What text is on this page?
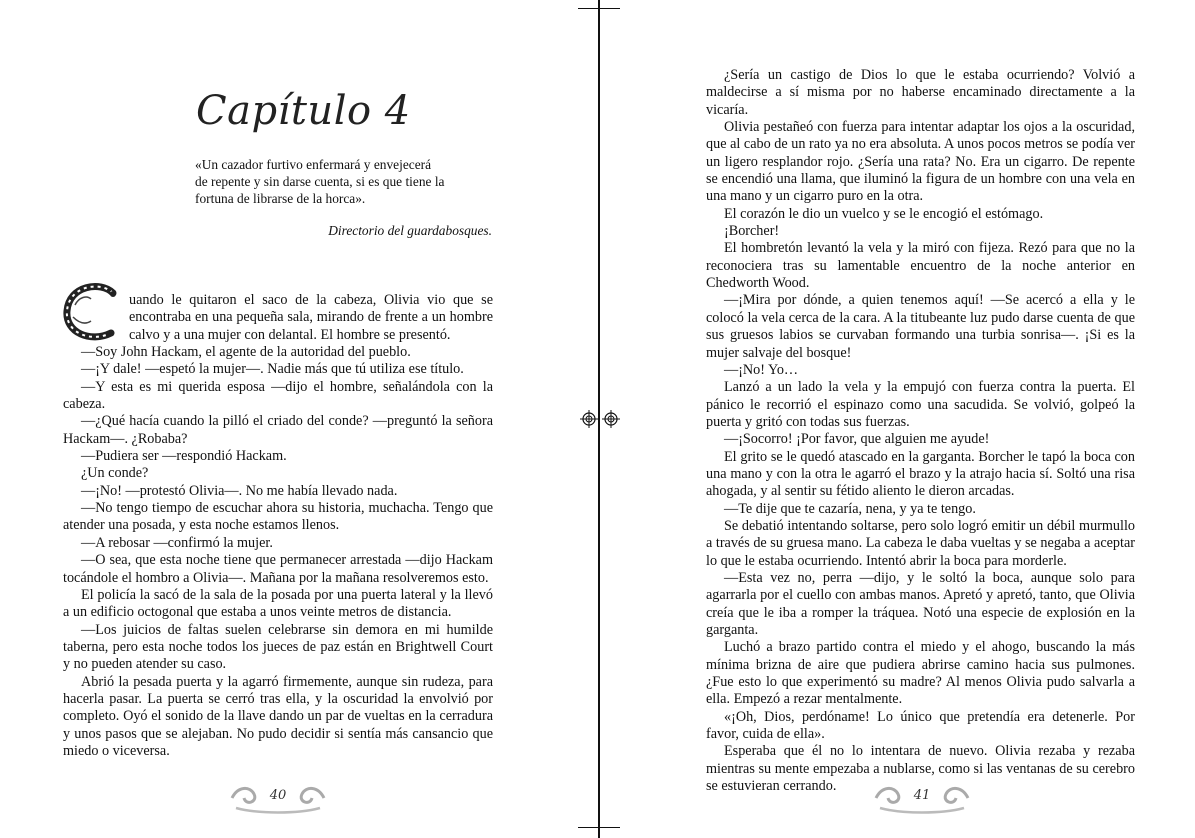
Capítulo 4

«Un cazador furtivo enfermará y envejecerá

de repente y sin darse cuenta, si es que tiene la

fortuna de librarse de la horca».

Directorio del guardabosques.

uando le quitaron el saco de la cabeza, Olivia vio que se encontraba en una pequeña sala, mirando de frente a un hombre calvo y a una mujer con delantal. El hombre se presentó.

—Soy John Hackam, el agente de la autoridad del pueblo.

—¡Y dale! —espetó la mujer—. Nadie más que tú utiliza ese título.

—Y esta es mi querida esposa —dijo el hombre, señalándola con la cabeza.

—¿Qué hacía cuando la pilló el criado del conde? —preguntó la señora Hackam—. ¿Robaba?

—Pudiera ser —respondió Hackam.

¿Un conde?

—¡No! —protestó Olivia—. No me había llevado nada.

—No tengo tiempo de escuchar ahora su historia, muchacha. Tengo que atender una posada, y esta noche estamos llenos.

—A rebosar —confirmó la mujer.

—O sea, que esta noche tiene que permanecer arrestada —dijo Hackam tocándole el hombro a Olivia—. Mañana por la mañana resolveremos esto.

El policía la sacó de la sala de la posada por una puerta lateral y la llevó a un edificio octogonal que estaba a unos veinte metros de distancia.

—Los juicios de faltas suelen celebrarse sin demora en mi humilde taberna, pero esta noche todos los jueces de paz están en Brightwell Court y no pueden atender su caso.

Abrió la pesada puerta y la agarró firmemente, aunque sin rudeza, para hacerla pasar. La puerta se cerró tras ella, y la oscuridad la envolvió por completo. Oyó el sonido de la llave dando un par de vueltas en la cerradura y unos pasos que se alejaban. No pudo decidir si sentía más cansancio que miedo o viceversa.

40

¿Sería un castigo de Dios lo que le estaba ocurriendo? Volvió a maldecirse a sí misma por no haberse encaminado directamente a la vicaría.

Olivia pestañeó con fuerza para intentar adaptar los ojos a la oscuridad, que al cabo de un rato ya no era absoluta. A unos pocos metros se podía ver un ligero resplandor rojo. ¿Sería una rata? No. Era un cigarro. De repente se encendió una llama, que iluminó la figura de un hombre con una vela en una mano y un cigarro puro en la otra.

El corazón le dio un vuelco y se le encogió el estómago.

¡Borcher!

El hombretón levantó la vela y la miró con fijeza. Rezó para que no la reconociera tras su lamentable encuentro de la noche anterior en Chedworth Wood.

—¡Mira por dónde, a quien tenemos aquí! —Se acercó a ella y le colocó la vela cerca de la cara. A la titubeante luz pudo darse cuenta de que sus gruesos labios se curvaban formando una turbia sonrisa—. ¡Si es la mujer salvaje del bosque!

—¡No! Yo…

Lanzó a un lado la vela y la empujó con fuerza contra la puerta. El pánico le recorrió el espinazo como una sacudida. Se volvió, golpeó la puerta y gritó con todas sus fuerzas.

—¡Socorro! ¡Por favor, que alguien me ayude!

El grito se le quedó atascado en la garganta. Borcher le tapó la boca con una mano y con la otra le agarró el brazo y la atrajo hacia sí. Soltó una risa ahogada, y al sentir su fétido aliento le dieron arcadas.

—Te dije que te cazaría, nena, y ya te tengo.

Se debatió intentando soltarse, pero solo logró emitir un débil murmullo a través de su gruesa mano. La cabeza le daba vueltas y se negaba a aceptar lo que le estaba ocurriendo. Intentó abrir la boca para morderle.

—Esta vez no, perra —dijo, y le soltó la boca, aunque solo para agarrarla por el cuello con ambas manos. Apretó y apretó, tanto, que Olivia creía que le iba a romper la tráquea. Notó una especie de explosión en la garganta.

Luchó a brazo partido contra el miedo y el ahogo, buscando la más mínima brizna de aire que pudiera abrirse camino hacia sus pulmones. ¿Fue esto lo que experimentó su madre? Al menos Olivia pudo salvarla a ella. Empezó a rezar mentalmente.

«¡Oh, Dios, perdóname! Lo único que pretendía era detenerle. Por favor, cuida de ella».

Esperaba que él no lo intentara de nuevo. Olivia rezaba y rezaba mientras su mente empezaba a nublarse, como si las ventanas de su cerebro se estuvieran cerrando.

41
